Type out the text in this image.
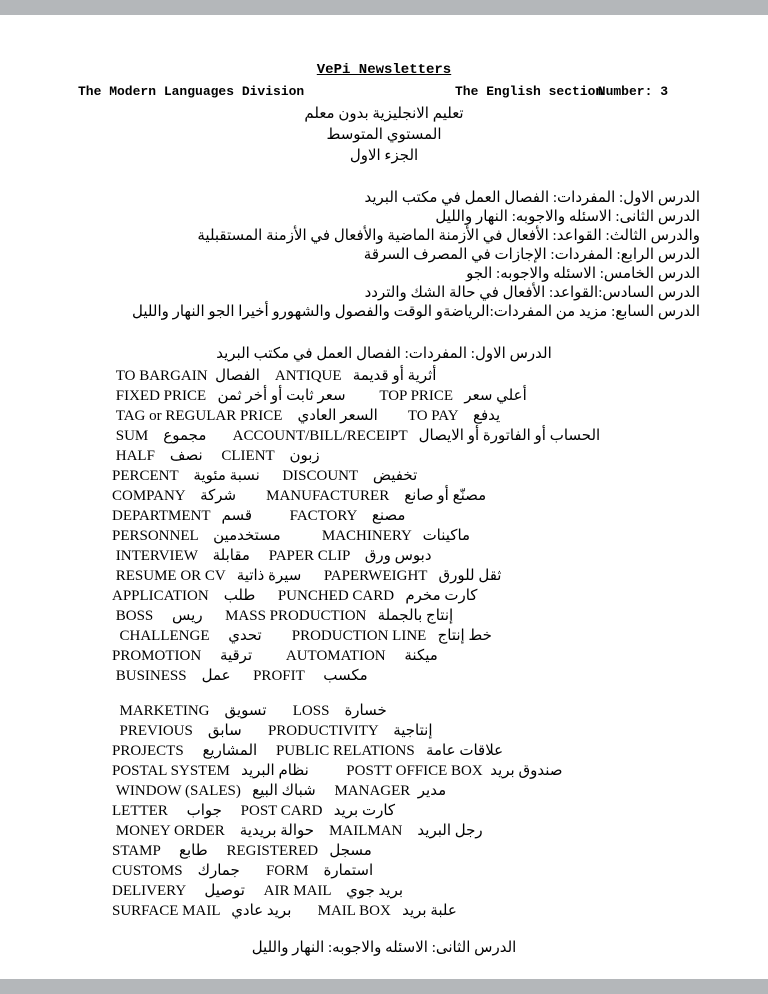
VePi Newsletters
The Modern Languages Division	The English section
Number: 3
تعليم الانجليزية بدون معلم
المستوي المتوسط
الجزء الاول
الدرس الاول: المفردات: الفصال العمل في مكتب البريد
الدرس الثانى: الاسئله والاجوبه: النهار والليل
والدرس الثالث: القواعد: الأفعال في الأزمنة الماضية والأفعال في الأزمنة المستقبلية
الدرس الرابع: المفردات: الإجازات في المصرف السرقة
الدرس الخامس: الاسئله والاجوبه: الجو
الدرس السادس:القواعد: الأفعال في حالة الشك والتردد
الدرس السابع: مزيد من المفردات:الرياضةو الوقت والفصول والشهورو أخيرا الجو النهار والليل
الدرس الاول: المفردات: الفصال العمل في مكتب البريد
TO BARGAIN  الفصال    ANTIQUE   أثرية أو قديمة
FIXED PRICE   سعر ثابت أو أخر ثمن         TOP PRICE   أعلي سعر
TAG or REGULAR PRICE    السعر العادي        TO PAY    يدفع
SUM    مجموع       ACCOUNT/BILL/RECEIPT   الحساب أو الفاتورة أو الايصال
HALF    نصف     CLIENT    زبون
PERCENT    نسبة مئوية      DISCOUNT    تخفيض
COMPANY    شركة        MANUFACTURER    مصنّع أو صانع
DEPARTMENT   قسم          FACTORY    مصنع
PERSONNEL    مستخدمين           MACHINERY   ماكينات
INTERVIEW    مقابلة     PAPER CLIP    دبوس ورق
RESUME OR CV   سيرة ذاتية      PAPERWEIGHT   ثقل للورق
APPLICATION    طلب      PUNCHED CARD   كارت مخرم
BOSS     ريس      MASS PRODUCTION   إنتاج بالجملة
CHALLENGE     تحدي        PRODUCTION LINE   خط إنتاج
PROMOTION     ترقية         AUTOMATION     ميكنة
BUSINESS    عمل      PROFIT     مكسب
MARKETING    تسويق       LOSS    خسارة
PREVIOUS    سابق       PRODUCTIVITY    إنتاجية
PROJECTS     المشاريع     PUBLIC RELATIONS   علاقات عامة
POSTAL SYSTEM   نظام البريد          POSTT OFFICE BOX  صندوق بريد
WINDOW (SALES)   شباك البيع     MANAGER  مدير
LETTER     جواب     POST CARD   كارت بريد
MONEY ORDER    حوالة بريدية    MAILMAN    رجل البريد
STAMP     طابع     REGISTERED   مسجل
CUSTOMS    جمارك       FORM    استمارة
DELIVERY     توصيل     AIR MAIL    بريد جوي
SURFACE MAIL   بريد عادي       MAIL BOX   علبة بريد
الدرس الثانى: الاسئله والاجوبه: النهار والليل
